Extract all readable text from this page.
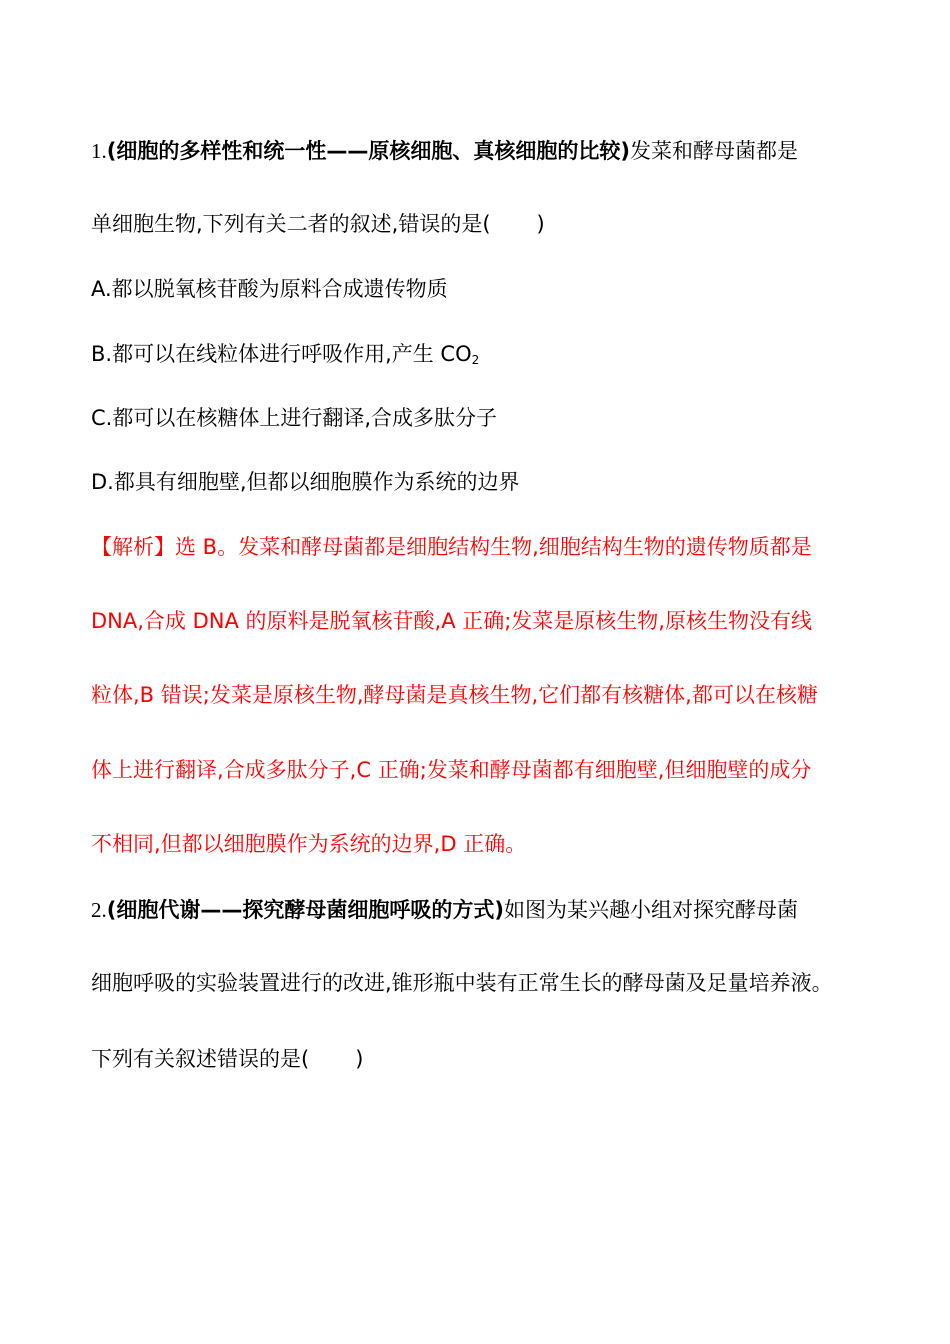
1.(细胞的多样性和统一性——原核细胞、真核细胞的比较)发菜和酵母菌都是
单细胞生物,下列有关二者的叙述,错误的是( )
A.都以脱氧核苷酸为原料合成遗传物质
B.都可以在线粒体进行呼吸作用,产生 $CO_2$
C.都可以在核糖体上进行翻译,合成多肽分子
D.都具有细胞壁,但都以细胞膜作为系统的边界
【解析】选 B。发菜和酵母菌都是细胞结构生物,细胞结构生物的遗传物质都是
DNA,合成 DNA 的原料是脱氧核苷酸,A 正确;发菜是原核生物,原核生物没有线
粒体,B 错误;发菜是原核生物,酵母菌是真核生物,它们都有核糖体,都可以在核糖
体上进行翻译,合成多肽分子,C 正确;发菜和酵母菌都有细胞壁,但细胞壁的成分
不相同,但都以细胞膜作为系统的边界,D 正确。
2.(细胞代谢——探究酵母菌细胞呼吸的方式)如图为某兴趣小组对探究酵母菌
细胞呼吸的实验装置进行的改进,锥形瓶中装有正常生长的酵母菌及足量培养液。
下列有关叙述错误的是( )
